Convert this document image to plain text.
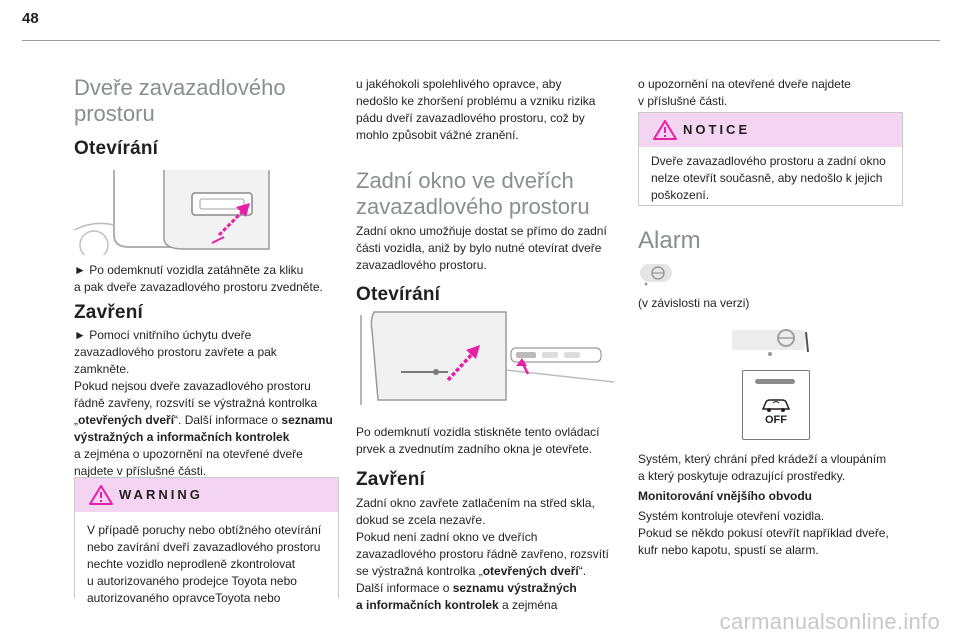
48
Dveře zavazadlového
prostoru
Otevírání
► Po odemknutí vozidla zatáhněte za kliku
a pak dveře zavazadlového prostoru zvedněte.
Zavření
► Pomocí vnitřního úchytu dveře
zavazadlového prostoru zavřete a pak
zamkněte.
Pokud nejsou dveře zavazadlového prostoru
řádně zavřeny, rozsvítí se výstražná kontrolka
„otevřených dveří“. Další informace o seznamu
výstražných a informačních kontrolek
a zejména o upozornění na otevřené dveře
najdete v příslušné části.
WARNING
V případě poruchy nebo obtížného otevírání
nebo zavírání dveří zavazadlového prostoru
nechte vozidlo neprodleně zkontrolovat
u autorizovaného prodejce Toyota nebo
autorizovaného opravceToyota nebo
u jakéhokoli spolehlivého opravce, aby
nedošlo ke zhoršení problému a vzniku rizika
pádu dveří zavazadlového prostoru, což by
mohlo způsobit vážné zranění.
Zadní okno ve dveřích
zavazadlového prostoru
Zadní okno umožňuje dostat se přímo do zadní
části vozidla, aniž by bylo nutné otevírat dveře
zavazadlového prostoru.
Otevírání
Po odemknutí vozidla stiskněte tento ovládací
prvek a zvednutím zadního okna je otevřete.
Zavření
Zadní okno zavřete zatlačením na střed skla,
dokud se zcela nezavře.
Pokud není zadní okno ve dveřích
zavazadlového prostoru řádně zavřeno, rozsvítí
se výstražná kontrolka „otevřených dveří“.
Další informace o seznamu výstražných
a informačních kontrolek a zejména
o upozornění na otevřené dveře najdete
v příslušné části.
NOTICE
Dveře zavazadlového prostoru a zadní okno
nelze otevřít současně, aby nedošlo k jejich
poškození.
Alarm
(v závislosti na verzi)
OFF
Systém, který chrání před krádeží a vloupáním
a který poskytuje odrazující prostředky.
Monitorování vnějšího obvodu
Systém kontroluje otevření vozidla.
Pokud se někdo pokusí otevřít například dveře,
kufr nebo kapotu, spustí se alarm.
carmanualsonline.info
